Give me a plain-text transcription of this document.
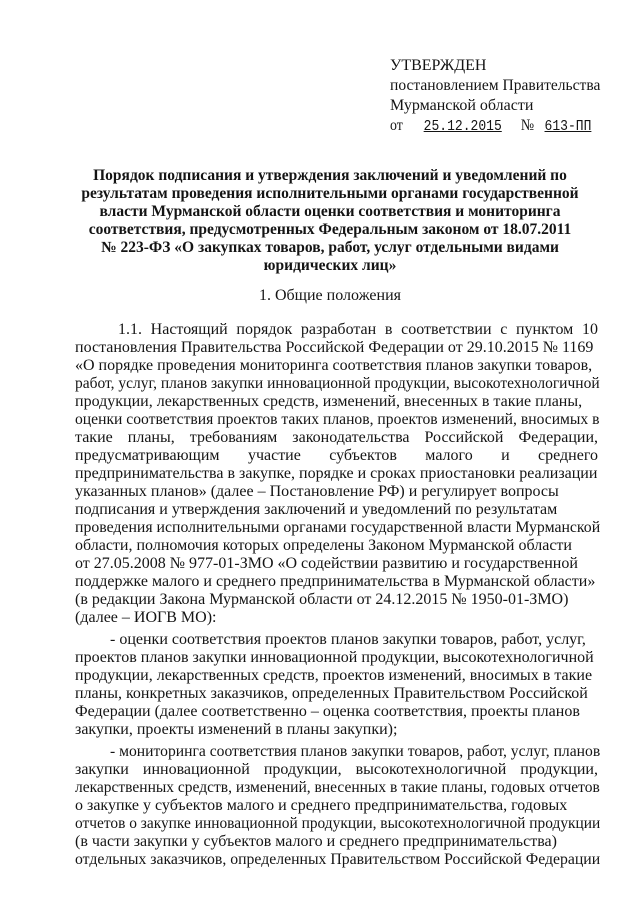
УТВЕРЖДЕН
постановлением Правительства
Мурманской области
от 25.12.2015 № 613-ПП
Порядок подписания и утверждения заключений и уведомлений по
результатам проведения исполнительными органами государственной
власти Мурманской области оценки соответствия и мониторинга
соответствия, предусмотренных Федеральным законом от 18.07.2011
№ 223-ФЗ «О закупках товаров, работ, услуг отдельными видами
юридических лиц»
1. Общие положения
1.1. Настоящий порядок разработан в соответствии с пунктом 10
постановления Правительства Российской Федерации от 29.10.2015 № 1169
«О порядке проведения мониторинга соответствия планов закупки товаров,
работ, услуг, планов закупки инновационной продукции, высокотехнологичной
продукции, лекарственных средств, изменений, внесенных в такие планы,
оценки соответствия проектов таких планов, проектов изменений, вносимых в
такие планы, требованиям законодательства Российской Федерации,
предусматривающим участие субъектов малого и среднего
предпринимательства в закупке, порядке и сроках приостановки реализации
указанных планов» (далее – Постановление РФ) и регулирует вопросы
подписания и утверждения заключений и уведомлений по результатам
проведения исполнительными органами государственной власти Мурманской
области, полномочия которых определены Законом Мурманской области
от 27.05.2008 № 977-01-ЗМО «О содействии развитию и государственной
поддержке малого и среднего предпринимательства в Мурманской области»
(в редакции Закона Мурманской области от 24.12.2015 № 1950-01-ЗМО)
(далее – ИОГВ МО):
- оценки соответствия проектов планов закупки товаров, работ, услуг,
проектов планов закупки инновационной продукции, высокотехнологичной
продукции, лекарственных средств, проектов изменений, вносимых в такие
планы, конкретных заказчиков, определенных Правительством Российской
Федерации (далее соответственно – оценка соответствия, проекты планов
закупки, проекты изменений в планы закупки);
- мониторинга соответствия планов закупки товаров, работ, услуг, планов
закупки инновационной продукции, высокотехнологичной продукции,
лекарственных средств, изменений, внесенных в такие планы, годовых отчетов
о закупке у субъектов малого и среднего предпринимательства, годовых
отчетов о закупке инновационной продукции, высокотехнологичной продукции
(в части закупки у субъектов малого и среднего предпринимательства)
отдельных заказчиков, определенных Правительством Российской Федерации
